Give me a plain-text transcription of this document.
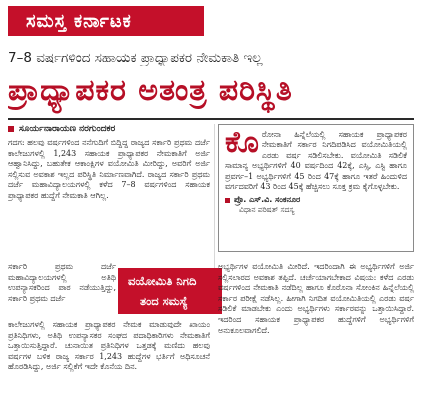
ಸಮಸ್ತ ಕರ್ನಾಟಕ
7–8 ವರ್ಷಗಳಿಂದ ಸಹಾಯಕ ಪ್ರಾಧ್ಯಾಪಕರ ನೇಮಕಾತಿ ಇಲ್ಲ
ಪ್ರಾಧ್ಯಾಪಕರ ಅತಂತ್ರ ಪರಿಸ್ಥಿತಿ
ಸೂರ್ಯನಾರಾಯಣ ನರಗುಂದಕರ

ಗದಗ: ಹಲವು ವರ್ಷಗಳಿಂದ ನನೆಗುದಿಗೆ ಬಿದ್ದಿದ್ದ ರಾಜ್ಯದ ಸರ್ಕಾರಿ ಪ್ರಥಮ ದರ್ಜೆ ಕಾಲೇಜುಗಳಲ್ಲಿ 1,243 ಸಹಾಯಕ ಪ್ರಾಧ್ಯಾಪಕರ ನೇಮಕಾತಿಗೆ ಅರ್ಜಿ ಆಹ್ವಾನಿಸಿದ್ದು, ಬಹುತೇಕ ಆಕಾಂಕ್ಷಿಗಳ ವಯೋಮಿತಿ ಮೀರಿದ್ದು, ಅವರಿಗೆ ಅರ್ಜಿ ಸಲ್ಲಿಸುವ ಅವಕಾಶ ಇಲ್ಲದ ಪರಿಸ್ಥಿತಿ ನಿರ್ಮಾಣವಾಗಿದೆ. ರಾಜ್ಯದ ಸರ್ಕಾರಿ ಪ್ರಥಮ ದರ್ಜೆ ಮಹಾವಿದ್ಯಾಲಯಗಳಲ್ಲಿ ಕಳೆದ 7–8 ವರ್ಷಗಳಿಂದ ಸಹಾಯಕ ಪ್ರಾಧ್ಯಾಪಕರ ಹುದ್ದೆಗೆ ನೇಮಕಾತಿ ಆಗಿಲ್ಲ.

ಸರ್ಕಾರಿ ಪ್ರಥಮ ದರ್ಜೆ ಮಹಾವಿದ್ಯಾಲಯಗಳಲ್ಲಿ ಅತಿಥಿ ಉಪನ್ಯಾಸಕರಿಂದ ಪಾಠ ನಡೆಯುತ್ತಿದ್ದು, ಸರ್ಕಾರಿ ಪ್ರಥಮ ದರ್ಜೆ

ಕಾಲೇಜುಗಳಲ್ಲಿ ಸಹಾಯಕ ಪ್ರಾಧ್ಯಾಪಕರ ನೇಮಕ ಮಾಡುವುದೇ ಖಾಯಂ ಪ್ರತಿನಿಧಿಗಳು, ಅತಿಥಿ ಉಪನ್ಯಾಸಕರ ಸಂಘದ ಪದಾಧಿಕಾರಿಗಳು ನೇಮಕಾತಿಗೆ ಒತ್ತಾಯಿಸುತ್ತಿದ್ದಾರೆ. ಚುನಾಯಿತ ಪ್ರತಿನಿಧಿಗಳ ಒತ್ತಡಕ್ಕೆ ಮಣಿದು ಹಲವು ವರ್ಷಗಳ ಬಳಿಕ ರಾಜ್ಯ ಸರ್ಕಾರ 1,243 ಹುದ್ದೆಗಳ ಭರ್ತಿಗೆ ಅಧಿಸೂಚನೆ ಹೊರಡಿಸಿದ್ದು, ಅರ್ಜಿ ಸಲ್ಲಿಕೆಗೆ ಇದೇ ಕೊನೆಯ ದಿನ.

ಕೊ ರೋನಾ ಹಿನ್ನೆಲೆಯಲ್ಲಿ ಸಹಾಯಕ ಪ್ರಾಧ್ಯಾಪಕರ ನೇಮಕಾತಿಗೆ ಸರ್ಕಾರ ನಿಗದಿಪಡಿಸಿದ ವಯೋಮಿತಿಯಲ್ಲಿ ಎರಡು ವರ್ಷ ಸಡಿಲಿಸಬೇಕು. ವಯೋಮಿತಿ ಸಡಿಲಿಕೆ ಸಾಮಾನ್ಯ ಅಭ್ಯರ್ಥಿಗಳಿಗೆ 40 ವರ್ಷದಿಂದ 42ಕ್ಕೆ, ಎಸ್ಸಿ, ಎಸ್ಟಿ ಹಾಗೂ ಪ್ರವರ್ಗ–1 ಅಭ್ಯರ್ಥಿಗಳಿಗೆ 45 ರಿಂದ 47ಕ್ಕೆ ಹಾಗೂ ಇತರೆ ಹಿಂದುಳಿದ ವರ್ಗದವರಿಗೆ 43 ರಿಂದ 45ಕ್ಕೆ ಹೆಚ್ಚಿಸಲು ಸೂಕ್ತ ಕ್ರಮ ಕೈಗೊಳ್ಳಬೇಕು.
ಪ್ರೊ. ಎಸ್.ವಿ. ಸಂಕನೂರ
ವಿಧಾನ ಪರಿಷತ್ ಸದಸ್ಯ
ವಯೋಮಿತಿ ನಿಗದಿ
ತಂದ ಸಮಸ್ಯೆ

ಅಭ್ಯರ್ಥಿಗಳ ವಯೋಮಿತಿ ಮೀರಿದೆ. ಇದರಿಂದಾಗಿ ಈ ಅಭ್ಯರ್ಥಿಗಳಿಗೆ ಅರ್ಜಿ ಸಲ್ಲಿಸಲಾರದ ಅವಕಾಶ ತಪ್ಪಿದೆ. ಚರ್ಚೆಯಾಗಬೇಕಾದ ವಿಷಯ: ಕಳೆದ ಎರಡು ವರ್ಷಗಳಿಂದ ನೇಮಕಾತಿ ನಡೆದಿಲ್ಲ ಹಾಗೂ ಕೊರೊನಾ ಸೋಂಕಿನ ಹಿನ್ನೆಲೆಯಲ್ಲಿ ಸರ್ಕಾರ ಪರೀಕ್ಷೆ ನಡೆಸಿಲ್ಲ. ಹೀಗಾಗಿ ನಿಗದಿತ ವಯೋಮಿತಿಯಲ್ಲಿ ಎರಡು ವರ್ಷ ಸಡಿಲಿಕೆ ಮಾಡಬೇಕು ಎಂದು ಅಭ್ಯರ್ಥಿಗಳು ಸರ್ಕಾರವನ್ನು ಒತ್ತಾಯಿಸಿದ್ದಾರೆ. ಇದರಿಂದ ಸಹಾಯಕ ಪ್ರಾಧ್ಯಾಪಕರ ಹುದ್ದೆಗಳಿಗೆ ಅಭ್ಯರ್ಥಿಗಳಿಗೆ ಅನುಕೂಲವಾಗಲಿದೆ.
